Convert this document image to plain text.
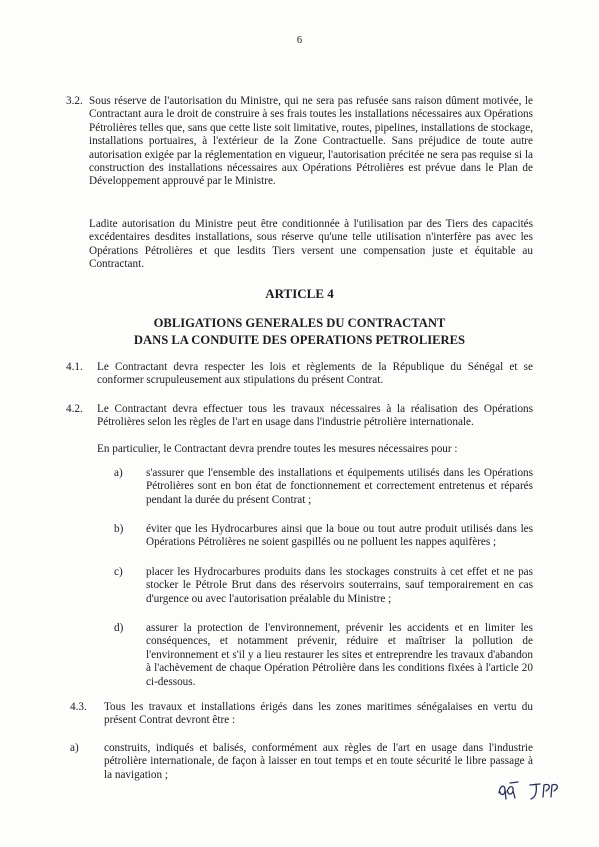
6
3.2. Sous réserve de l'autorisation du Ministre, qui ne sera pas refusée sans raison dûment motivée, le Contractant aura le droit de construire à ses frais toutes les installations nécessaires aux Opérations Pétrolières telles que, sans que cette liste soit limitative, routes, pipelines, installations de stockage, installations portuaires, à l'extérieur de la Zone Contractuelle. Sans préjudice de toute autre autorisation exigée par la réglementation en vigueur, l'autorisation précitée ne sera pas requise si la construction des installations nécessaires aux Opérations Pétrolières est prévue dans le Plan de Développement approuvé par le Ministre.
Ladite autorisation du Ministre peut être conditionnée à l'utilisation par des Tiers des capacités excédentaires desdites installations, sous réserve qu'une telle utilisation n'interfère pas avec les Opérations Pétrolières et que lesdits Tiers versent une compensation juste et équitable au Contractant.
ARTICLE 4
OBLIGATIONS GENERALES DU CONTRACTANT
DANS LA CONDUITE DES OPERATIONS PETROLIERES
4.1. Le Contractant devra respecter les lois et règlements de la République du Sénégal et se conformer scrupuleusement aux stipulations du présent Contrat.
4.2. Le Contractant devra effectuer tous les travaux nécessaires à la réalisation des Opérations Pétrolières selon les règles de l'art en usage dans l'industrie pétrolière internationale.
En particulier, le Contractant devra prendre toutes les mesures nécessaires pour :
a) s'assurer que l'ensemble des installations et équipements utilisés dans les Opérations Pétrolières sont en bon état de fonctionnement et correctement entretenus et réparés pendant la durée du présent Contrat ;
b) éviter que les Hydrocarbures ainsi que la boue ou tout autre produit utilisés dans les Opérations Pétrolières ne soient gaspillés ou ne polluent les nappes aquifères ;
c) placer les Hydrocarbures produits dans les stockages construits à cet effet et ne pas stocker le Pétrole Brut dans des réservoirs souterrains, sauf temporairement en cas d'urgence ou avec l'autorisation préalable du Ministre ;
d) assurer la protection de l'environnement, prévenir les accidents et en limiter les conséquences, et notamment prévenir, réduire et maîtriser la pollution de l'environnement et s'il y a lieu restaurer les sites et entreprendre les travaux d'abandon à l'achèvement de chaque Opération Pétrolière dans les conditions fixées à l'article 20 ci-dessous.
4.3. Tous les travaux et installations érigés dans les zones maritimes sénégalaises en vertu du présent Contrat devront être :
a) construits, indiqués et balisés, conformément aux règles de l'art en usage dans l'industrie pétrolière internationale, de façon à laisser en tout temps et en toute sécurité le libre passage à la navigation ;
